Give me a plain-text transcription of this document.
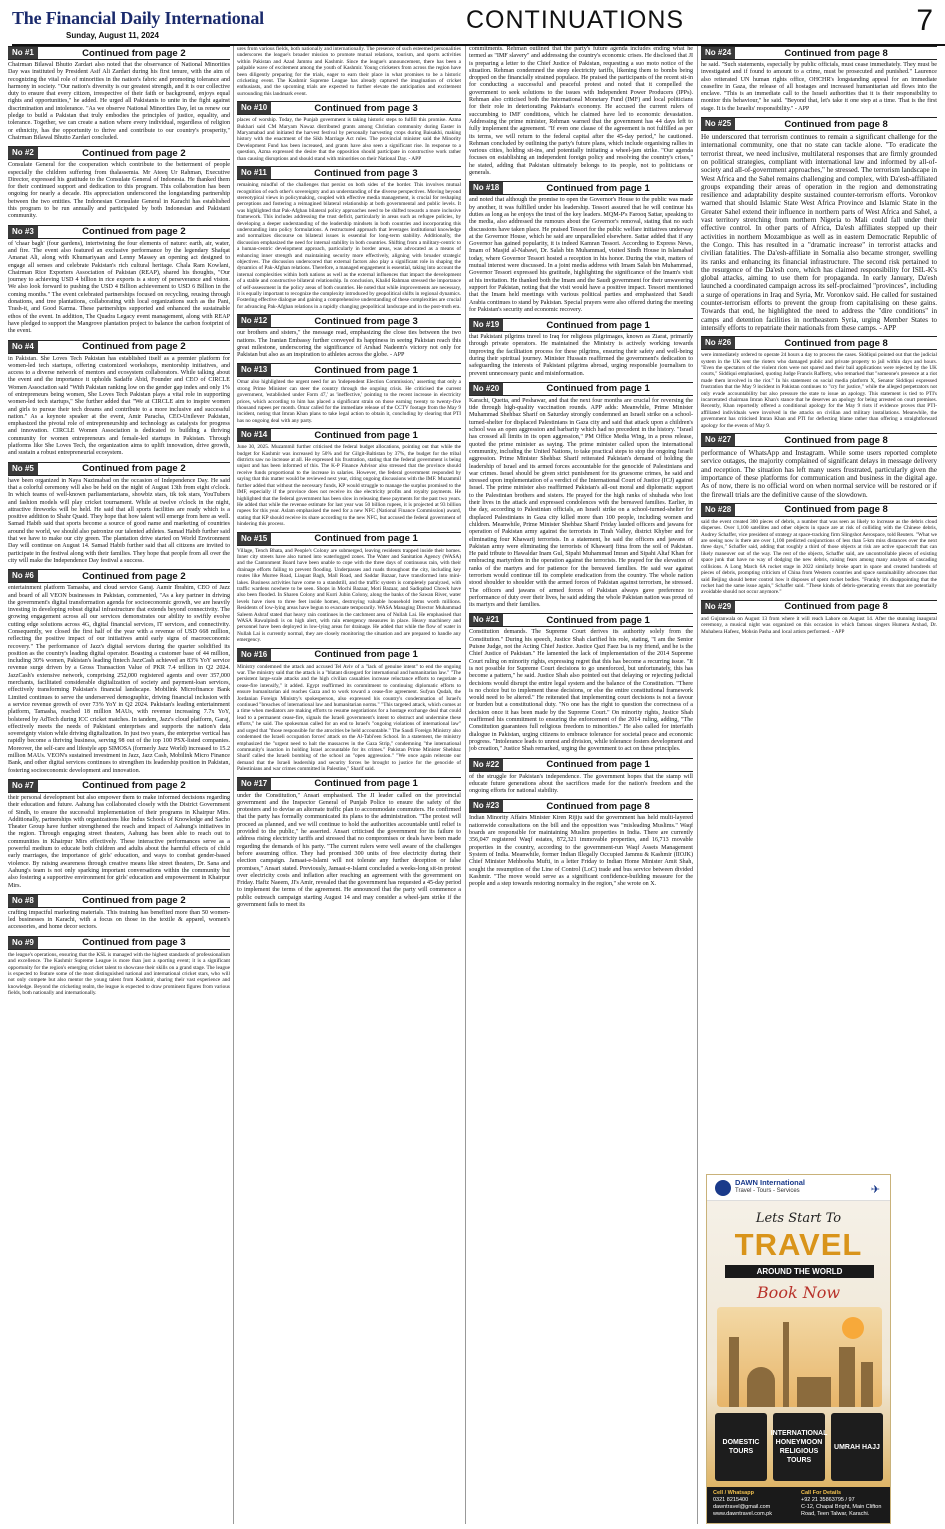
The Financial Daily International
Sunday, August 11, 2024
CONTINUATIONS	7
No #1	Continued from page 2
Chairman Bilawal Bhutto Zardari also noted that the observance of National Minorities Day was instituted by President Asif Ali Zardari during his first tenure, with the aim of recognizing the vital role of minorities in the nation's fabric and promoting tolerance and harmony in society. "Our nation's diversity is our greatest strength, and it is our collective duty to ensure that every citizen, irrespective of their faith or background, enjoys equal rights and opportunities," he added. He urged all Pakistanis to unite in the fight against discrimination and intolerance. "As we observe National Minorities Day, let us renew our pledge to build a Pakistan that truly embodies the principles of justice, equality, and tolerance. Together, we can create a nation where every individual, regardless of religion or ethnicity, has the opportunity to thrive and contribute to our country's prosperity," Chairman Bilawal Bhutto Zardari concluded.
No #2	Continued from page 2
Consulate General for the cooperation which contribute to the betterment of people especially the children suffering from thalassemia. Mr Ateeq Ur Rahman, Executive Director, expressed his gratitude to the Consulate General of Indonesia. He thanked them for their continued support and dedication to this program. This collaboration has been ongoing for nearly a decade. His appreciation underscored the longstanding partnership between the two entities. The Indonesian Consulate General in Karachi has established this program to be run annually and participated by both Indonesian and Pakistani community.
No #3	Continued from page 2
of 'chaar bagh' (four gardens), intertwining the four elements of nature: earth, air, water, and fire. The event also featured an exclusive performance by the legendary Shafqat Amanat Ali, along with Khumariyaan and Lenny Massey an opening act designed to engage all senses and celebrate Pakistan's rich cultural heritage. Chala Ram Kowlani, Chairman Rice Exporters Association of Pakistan (REAP), shared his thoughts, "Our journey to achieving USD 4 billion in rice exports is a story of perseverance and vision. We also look forward to pushing the USD 4 Billion achievement to USD 6 Billion in the coming months." The event celebrated partnerships focused on recycling, reusing through donations, and tree plantations, collaborating with local organizations such as the Pani, Trash-it, and Good Karma. These partnerships supported and enhanced the sustainable ethos of the event. In addition, The Quadra Legacy event management, along with REAP have pledged to support the Mangrove plantation project to balance the carbon footprint of the event.
No #4	Continued from page 2
in Pakistan. She Loves Tech Pakistan has established itself as a premier platform for women-led tech startups, offering customized workshops, mentorship initiatives, and access to a diverse network of mentors and ecosystem collaborators. While talking about the event and the importance it upholds Sadaffe Abid, Founder and CEO of CIRCLE Women Association said "With Pakistan ranking low on the gender gap index and only 1% of entrepreneurs being women, She Loves Tech Pakistan plays a vital role in supporting women-led tech startups," She further added that "We at CIRCLE aim to inspire women and girls to pursue their tech dreams and contribute to a more inclusive and successful nation." As a keynote speaker at the event, Amir Paracha, CEO-Unilever Pakistan, emphasized the pivotal role of entrepreneurship and technology as catalysts for progress and innovation. CIRCLE Women Association is dedicated to building a thriving community for women entrepreneurs and female-led startups in Pakistan. Through platforms like She Loves Tech, the organization aims to uplift innovation, drive growth, and sustain a robust entrepreneurial ecosystem.
No #5	Continued from page 2
have been organized in Naya Nazimabad on the occasion of Independence Day. He said that a colorful ceremony will also be held on the night of August 13th from eight o'clock. In which teams of well-known parliamentarians, showbiz stars, tik tok stars, YouTubers and fashion models will play cricket tournament. While at twelve o'clock in the night, attractive fireworks will be held. He said that all sports facilities are ready which is a positive addition to Shahr Quaid. They hope that how talent will emerge from here as well. Samad Habib said that sports become a source of good name and marketing of countries around the world, we should also patronize our talented athletes. Samad Habib further said that we have to make our city green. The plantation drive started on World Environment Day will continue on August 14. Samad Habib further said that all citizens are invited to participate in the festival along with their families. They hope that people from all over the city will make the Independence Day festival a success.
No #6	Continued from page 2
entertainment platform Tamasha, and cloud service Garaj. Aamir Ibrahim, CEO of Jazz and board of all VEON businesses in Pakistan, commented, "As a key partner in driving the government's digital transformation agenda for socioeconomic growth, we are heavily investing in developing robust digital infrastructure that extends beyond connectivity. The growing engagement across all our services demonstrates our ability to swiftly evolve cutting edge solutions across 4G, digital financial services, IT services, and connectivity. Consequently, we closed the first half of the year with a revenue of USD 668 million, reflecting the positive impact of our initiatives amid early signs of macroeconomic recovery." The performance of Jazz's digital services during the quarter solidified its position as the country's leading digital operator. Boasting a customer base of 44 million, including 30% women, Pakistan's leading fintech JazzCash achieved an 83% YoY service revenue surge driven by a Gross Transaction Value of PKR 7.4 trillion in Q2 2024. JazzCash's extensive network, comprising 252,000 registered agents and over 357,000 merchants, facilitated considerable digitalization of society and payment-loan services, effectively transforming Pakistan's financial landscape. Mobilink Microfinance Bank Limited continues to serve the underserved demographic, driving financial inclusion with a service revenue growth of over 73% YoY in Q2 2024. Pakistan's leading entertainment platform, Tamasha, reached 18 million MAUs, with revenue increasing 7.7x YoY, bolstered by AdTech during ICC cricket matches. In tandem, Jazz's cloud platform, Garaj, effectively meets the needs of Pakistani enterprises and supports the nation's data sovereignty vision while driving digitalization. In just two years, the enterprise vertical has rapidly become a thriving business, serving 98 out of the top 100 PSX-listed companies. Moreover, the self-care and lifestyle app SIMOSA (formerly Jazz World) increased to 15.2 million MAUs. VEON's sustained investment in Jazz, Jazz Cash, Mobilink Micro Finance Bank, and other digital services continues to strengthen its leadership position in Pakistan, fostering socioeconomic development and innovation.
No #7	Continued from page 2
their personal development but also empower them to make informed decisions regarding their education and future. Aahung has collaborated closely with the District Government of Sindh, to ensure the successful implementation of their programs in Khairpur Mirs. Additionally, partnerships with organizations like Indus Schools of Knowledge and Sacho Theater Group have further strengthened the reach and impact of Aahung's initiatives in the region. Through engaging street theaters, Aahung has been able to reach out to communities in Khairpur Mirs effectively. These interactive performances serve as a powerful medium to educate both children and adults about the harmful effects of child early marriages, the importance of girls' education, and ways to combat gender-based violence. By raising awareness through creative means like street theaters, Dr. Sana and Aahung's team is not only sparking important conversations within the community but also fostering a supportive environment for girls' education and empowerment in Khairpur Mirs.
No #8	Continued from page 2
crafting impactful marketing materials. This training has benefited more than 50 women-led businesses in Karachi, with a focus on those in the textile & apparel, women's accessories, and home decor sectors.
No #9	Continued from page 3
the league's operations, ensuring that the KSL is managed with the highest standards of professionalism and excellence. The Kashmir Supreme League is more than just a sporting event; it is a significant opportunity for the region's emerging cricket talent to showcase their skills on a grand stage. The league is expected to feature some of the most distinguished national and international cricket stars, who will not only compete but also mentor the young talent from Kashmir, sharing their vast experience and knowledge. Beyond the cricketing realm, the league is expected to draw prominent figures from various fields, both nationally and internationally.
ures from various fields, both nationally and internationally. The presence of such esteemed personalities underscores the league's broader mission to promote mutual relations, tourism, and sports activities within Pakistan and Azad Jammu and Kashmir. Since the league's announcement, there has been a palpable wave of excitement among the youth of Kashmir. Young cricketers from across the region have been diligently preparing for the trials, eager to earn their place in what promises to be a historic cricketing event. The Kashmir Supreme League has already captured the imagination of cricket enthusiasts, and the upcoming trials are expected to further elevate the anticipation and excitement surrounding this landmark event.
No #10	Continued from page 3
places of worship. Today, the Punjab government is taking historic steps to fulfill this promise. Azma Bukhari said CM Maryam Nawaz distributed grants among Christian community during Easter in Maryamabad and initiated the harvest festival by personally harvesting crops during Baisakhi, making history with the enactment of the Sikh Marriage Act rules. The provincial minister said the Minority Development Fund has been increased, and grants have also seen a significant rise. In response to a question, Azma expressed the desire that the opposition should participate in constructive work rather than causing disruptions and should stand with minorities on their National Day. - APP
No #11	Continued from page 3
remaining mindful of the challenges that persist on both sides of the border. This involves mutual recognition of each other's sovereignty and an understanding of the diverse perspectives. Moving beyond stereotypical views in policymaking, coupled with effective media management, is crucial for reshaping perceptions and fostering a reimagined bilateral relationship at both governmental and public levels. It was highlighted that Pak-Afghan bilateral policy approaches need to be shifted towards a more inclusive framework. This includes addressing the trust deficit, particularly in areas such as refugee policies, by developing a deeper understanding of the leadership mindsets in both countries and incorporating this understanding into policy formulations. A restructured approach that leverages institutional knowledge and normalizes discourse on bilateral issues is essential for long-term stability. Additionally, the discussion emphasized the need for internal stability in both countries. Shifting from a military-centric to a human-centric development approach, particularly in border areas, was advocated as a means of enhancing inner strength and maintaining security more effectively, aligning with broader strategic objectives. The discussion underscored that external factors also play a significant role in shaping the dynamics of Pak-Afghan relations. Therefore, a managed engagement is essential, taking into account the internal complexities within both nations as well as the external influences that impact the development of a stable and constructive bilateral relationship. In conclusion, Khalid Rahman stressed the importance of self-assessment in the policy areas of both countries. He noted that while improvements are necessary, it is equally important to recognize the complexity introduced by geopolitical shifts in regional dynamics. Fostering effective dialogue and gaining a comprehensive understanding of these complexities are crucial for advancing Pak-Afghan relations in a rapidly changing geopolitical landscape and in the post-truth era.
No #12	Continued from page 3
our brothers and sisters," the message read, emphasizing the close ties between the two nations. The Iranian Embassy further conveyed its happiness in seeing Pakistan reach this great milestone, underscoring the significance of Arshad Nadeem's victory not only for Pakistan but also as an inspiration to athletes across the globe. - APP
No #13	Continued from page 1
Omar also highlighted the urgent need for an 'independent Election Commission,' asserting that only a strong Prime Minister can steer the country through the ongoing crisis. He criticised the current government, 'established under Form 47,' as 'ineffective,' pointing to the recent increase in electricity prices, which according to him has placed a significant strain on those earning twenty to twenty-five thousand rupees per month. Omar called for the immediate release of the CCTV footage from the May 9 incident, noting that Imran Khan plans to take legal action to obtain it, concluding by clearing that PTI has no ongoing deal with any party.
No #14	Continued from page 1
June 30, 2025. Muzammil further criticised the federal budget allocations, pointing out that while the budget for Kashmir was increased by 50% and for Gilgit-Baltistan by 37%, the budget for the tribal districts saw no increase at all. He expressed his frustration, stating that the federal government is being unjust and has been informed of this. The K-P Finance Advisor also stressed that the province should receive funds proportional to the increase in salaries. However, the federal government responded by saying that this matter would be reviewed next year, citing ongoing discussions with the IMF. Muzammil further added that without the necessary funds, KP would struggle to manage the surplus promised to the IMF, especially if the province does not receive its due electricity profits and royalty payments. He highlighted that the federal government has been slow in releasing these payments for the past two years. He added that while the revenue estimate for last year was 50 billion rupees, it is projected at 93 billion rupees for this year. Aslam emphasised the need for a new NFC (National Finance Commission) award, stating that KP should receive its share according to the new NFC, but accused the federal government of hindering this process.
No #15	Continued from page 1
Village, Tench Bhata, and People's Colony are submerged, leaving residents trapped inside their homes. Inner city streets have also turned into waterlogged zones. The Water and Sanitation Agency (WASA) and the Cantonment Board have been unable to cope with the three days of continuous rain, with their drainage efforts failing to prevent flooding. Underpasses and roads throughout the city, including key routes like Murree Road, Liaquat Bagh, Mall Road, and Saddar Bazaar, have transformed into mini-lakes. Business activities have come to a standstill, and the traffic system is completely paralyzed, with traffic wardens nowhere to be seen. Shops in Mochi Bazaar, Moti Bazaar, and Sadiqabad Chowk have also been flooded. In Sharen Colony and Kurri Jubin Colony, along the banks of the Sawan River, water levels have risen to three feet inside homes, destroying valuable household items worth millions. Residents of low-lying areas have begun to evacuate temporarily. WASA Managing Director Muhammad Saleem Ashraf stated that heavy rain continues in the catchment area of Nullah Lai. He emphasised that WASA Rawalpindi is on high alert, with rain emergency measures in place. Heavy machinery and personnel have been deployed in low-lying areas for drainage. He added that while the flow of water in Nullah Lai is currently normal, they are closely monitoring the situation and are prepared to handle any emergency.
No #16	Continued from page 1
Ministry condemned the attack and accused Tel Aviv of a "lack of genuine intent" to end the ongoing war. The ministry said that the attack is a "blatant disregard for international and humanitarian law." "The persistent large-scale attacks and the high civilian casualties increase reluctance efforts to negotiate a cease-fire intensify," it added. Egypt reaffirmed its commitment to continuing diplomatic efforts to ensure humanitarian aid reaches Gaza and to work toward a cease-fire agreement. Sufyan Qudah, the Jordanian Foreign Ministry's spokesperson, also expressed his country's condemnation of Israel's continued "breaches of international law and humanitarian norms." "This targeted attack, which comes at a time when mediators are making efforts to resume negotiations for a hostage exchange deal that could lead to a permanent cease-fire, signals the Israeli government's intent to obstruct and undermine these efforts," he said. The spokesman called for an end to Israel's "ongoing violations of international law" and urged that "those responsible for the atrocities be held accountable." The Saudi Foreign Ministry also condemned the Israeli occupation forces' attack on the Al-Tabi'een School. In a statement, the ministry emphasized the "urgent need to halt the massacres in the Gaza Strip," condemning "the international community's inaction in holding Israel accountable for its crimes." Pakistan Prime Minister Shehbaz Sharif called the Israeli bombing of the school an "open aggression." "We once again reiterate our demand that the Israeli leadership and security forces be brought to justice for the genocide of Palestinians and war crimes committed in Palestine," Sharif said.
No #17	Continued from page 1
under the Constitution," Ansari emphasised. The JI leader called on the provincial government and the Inspector General of Punjab Police to ensure the safety of the protesters and to devise an alternate traffic plan to accommodate commuters. He confirmed that the party has formally communicated its plans to the administration. "The protest will proceed as planned, and we will continue to hold the authorities accountable until relief is provided to the public," he asserted. Ansari criticised the government for its failure to address rising electricity tariffs and stressed that no compromises or deals have been made regarding the demands of his party. "The current rulers were well aware of the challenges before assuming office. They had promised 300 units of free electricity during their election campaign. Jamaat-e-Islami will not tolerate any further deception or false promises," Ansari stated. Previously, Jamaat-e-Islami concluded a weeks-long sit-in protest over electricity costs and inflation after reaching an agreement with the government on Friday. Hafiz Naeem, JI's Amir, revealed that the government has requested a 45-day period to implement the terms of the agreement. He announced that the party will commence a public outreach campaign starting August 14 and may consider a wheel-jam strike if the government fails to meet its
commitments. Rehman outlined that the party's future agenda includes ending what he termed as "IMF slavery" and addressing the country's economic crises. He disclosed that JI is preparing a letter to the Chief Justice of Pakistan, requesting a suo moto notice of the situation. Rehman condemned the steep electricity tariffs, likening them to bombs being dropped on the financially strained populace. He praised the participants of the recent sit-in for conducting a successful and peaceful protest and noted that it compelled the government to seek solutions to the issues with Independent Power Producers (IPPs). Rehman also criticised both the International Monetary Fund (IMF) and local politicians for their role in deteriorating Pakistan's economy. He accused the current rulers of succumbing to IMF conditions, which he claimed have led to economic devastation. Addressing the prime minister, Rehman warned that the government has 44 days left to fully implement the agreement. "If even one clause of the agreement is not fulfilled as per its terms, we will return to the federal capital after the 45-day period," he cautioned. Rehman concluded by outlining the party's future plans, which include organising rallies in various cities, holding sit-ins, and potentially initiating a wheel-jam strike. "Our agenda focuses on establishing an independent foreign policy and resolving the country's crises," he stated, adding that Pakistan ultimately belongs to its people, not to politicians or generals.
No #18	Continued from page 1
and noted that although the promise to open the Governor's House to the public was made by another, it was fulfilled under his leadership. Tessori assured that he will continue his duties as long as he enjoys the trust of the key leaders. MQM-P's Farooq Sattar, speaking to the media, also addressed the rumours about the Governor's removal, stating that no such discussions have taken place. He praised Tessori for the public welfare initiatives underway at the Governor House, which he said are unparalleled elsewhere. Sattar added that if any Governor has gained popularity, it is indeed Kamran Tessori. According to Express News, Imam of Masjid al-Nabawi, Dr. Salah bin Muhammad, visited Sindh House in Islamabad today, where Governor Tessori hosted a reception in his honor. During the visit, matters of mutual interest were discussed. In a joint media address with Imam Salah bin Muhammad, Governor Tessori expressed his gratitude, highlighting the significance of the Imam's visit at his invitation. He thanked both the Imam and the Saudi government for their unwavering support for Pakistan, noting that the visit would have a positive impact. Tessori mentioned that the Imam held meetings with various political parties and emphasized that Saudi Arabia continues to stand by Pakistan. Special prayers were also offered during the meeting for Pakistan's security and economic recovery.
No #19	Continued from page 1
that Pakistani pilgrims travel to Iraq for religious pilgrimages, known as Ziarat, primarily through private operators. He maintained the Ministry is actively working towards improving the facilitation process for these pilgrims, ensuring their safety and well-being during their spiritual journey. Minister Hussain reaffirmed the government's dedication to safeguarding the interests of Pakistani pilgrims abroad, urging responsible journalism to prevent unnecessary panic and misinformation.
No #20	Continued from page 1
Karachi, Quetta, and Peshawar, and that the next four months are crucial for reversing the tide through high-quality vaccination rounds. APP adds: Meanwhile, Prime Minister Muhammad Shehbaz Sharif on Saturday strongly condemned an Israeli strike on a school-turned-shelter for displaced Palestinians in Gaza city and said that attack upon a children's school was an open aggression and barbarity which had no precedent in the history. "Israel has crossed all limits in its open aggression," PM Office Media Wing, in a press release, quoted the prime minister as saying. The prime minister called upon the international community, including the United Nations, to take practical steps to stop the ongoing Israeli aggression. Prime Minister Shehbaz Sharif reiterated Pakistan's demand of holding the leadership of Israel and its armed forces accountable for the genocide of Palestinians and war crimes. Israel should be given strict punishment for its gruesome crimes, he said and stressed upon implementation of a verdict of the International Court of Justice (ICJ) against Israel. The prime minister also reaffirmed Pakistan's all-out moral and diplomatic support to the Palestinian brothers and sisters. He prayed for the high ranks of shuhada who lost their lives in the attack and expressed condolences with the bereaved families. Earlier, in the day, according to Palestinian officials, an Israeli strike on a school-turned-shelter for displaced Palestinians in Gaza city killed more than 100 people, including women and children. Meanwhile, Prime Minister Shehbaz Sharif Friday lauded officers and jawans for operation of Pakistan army against the terrorists in Tirah Valley, district Khyber and for eliminating four Khawarij terrorists. In a statement, he said the officers and jawans of Pakistan army were eliminating the terrorists of Khawarij fitna from the soil of Pakistan. He paid tribute to Hawaldar Inam Gul, Sipahi Muhammad Imran and Sipahi Altaf Khan for embracing martyrdom in the operation against the terrorists. He prayed for the elevation of ranks of the martyrs and for patience for the bereaved families. He said war against terrorism would continue till its complete eradication from the country. The whole nation stood shoulder to shoulder with the armed forces of Pakistan against terrorism, he stressed. The officers and jawans of armed forces of Pakistan always gave preference to performance of duty over their lives, he said adding the whole Pakistan nation was proud of its martyrs and their families.
No #21	Continued from page 1
Constitution demands. The Supreme Court derives its authority solely from the Constitution." During his speech, Justice Shah clarified his role, stating, "I am the Senior Puisne Judge, not the Acting Chief Justice. Justice Qazi Faez Isa is my friend, and he is the Chief Justice of Pakistan." He lamented the lack of implementation of the 2014 Supreme Court ruling on minority rights, expressing regret that this has become a recurring issue. "It is not possible for Supreme Court decisions to go unenforced, but unfortunately, this has become a pattern," he said. Justice Shah also pointed out that delaying or rejecting judicial decisions would disrupt the entire legal system and the balance of the Constitution. "There is no choice but to implement these decisions, or else the entire constitutional framework would need to be altered." He reiterated that implementing court decisions is not a favour or burden but a constitutional duty. "No one has the right to question the correctness of a decision once it has been made by the Supreme Court." On minority rights, Justice Shah reaffirmed his commitment to ensuring the enforcement of the 2014 ruling, adding, "The Constitution guarantees full religious freedom to minorities." He also called for interfaith dialogue in Pakistan, urging citizens to embrace tolerance for societal peace and economic progress. "Intolerance leads to unrest and division, while tolerance fosters development and job creation," Justice Shah remarked, urging the government to act on these principles.
No #22	Continued from page 1
of the struggle for Pakistan's independence. The government hopes that the stamp will educate future generations about the sacrifices made for the nation's freedom and the ongoing efforts for national stability.
No #23	Continued from page 8
Indian Minority Affairs Minister Kiren Rijiju said the government has held multi-layered nationwide consultations on the bill and the opposition was "misleading Muslims." Waqf boards are responsible for maintaining Muslim properties in India. There are currently 356,047 registered Waqf estates, 872,321 immovable properties, and 16,713 movable properties in the country, according to the government-run Waqf Assets Management System of India. Meanwhile, former Indian Illegally Occupied Jammu & Kashmir (IIOJK) Chief Minister Mehbooba Mufti, in a letter Friday to Indian Home Minister Amit Shah, sought the resumption of the Line of Control (LoC) trade and bus service between divided Kashmir. "The move would serve as a significant confidence-building measure for the people and a step towards restoring normalcy in the region," she wrote on X.
No #24	Continued from page 8
he said. "Such statements, especially by public officials, must cease immediately. They must be investigated and if found to amount to a crime, must be prosecuted and punished." Laurence also reiterated UN human rights office, OHCHR's longstanding appeal for an immediate ceasefire in Gaza, the release of all hostages and increased humanitarian aid flows into the enclave. "This is an immediate call to the Israeli authorities that it is their responsibility to monitor this behaviour," he said. "Beyond that, let's take it one step at a time. That is the first stage. It is the Israelis' responsibility." - APP
No #25	Continued from page 8
He underscored that terrorism continues to remain a significant challenge for the international community, one that no state can tackle alone. "To eradicate the terrorist threat, we need inclusive, multilateral responses that are firmly grounded on political strategies, compliant with international law and informed by all-of-society and all-of-government approaches," he stressed. The terrorism landscape in West Africa and the Sahel remains challenging and complex, with Da'esh-affiliated groups expanding their areas of operation in the region and demonstrating resilience and adaptability despite sustained counter-terrorism efforts. Voronkov warned that should Islamic State West Africa Province and Islamic State in the Greater Sahel extend their influence in northern parts of West Africa and Sahel, a vast territory stretching from northern Nigeria to Mali could fall under their effective control. In other parts of Africa, Da'esh affiliates stepped up their activities in northern Mozambique as well as in eastern Democratic Republic of the Congo. This has resulted in a "dramatic increase" in terrorist attacks and civilian fatalities. The Da'esh-affiliate in Somalia also became stronger, swelling its ranks and enhancing its financial infrastructure. The second risk pertained to the resurgence of the Da'esh core, which has claimed responsibility for ISIL-K's global attacks, aiming to use them for propaganda. In early January, Da'esh launched a coordinated campaign across its self-proclaimed "provinces", including a surge of operations in Iraq and Syria, Mr. Voronkov said. He called for sustained counter-terrorism efforts to prevent the group from capitalising on these gains. Towards that end, he highlighted the need to address the "dire conditions" in camps and detention facilities in northeastern Syria, urging Member States to intensify efforts to repatriate their nationals from these camps. - APP
No #26	Continued from page 8
were immediately ordered to operate 24 hours a day to process the cases. Siddiqui pointed out that the judicial system in the UK sent the rioters who damaged public and private property to jail within days and hours. "Even the spectators of the violent riots were not spared and their bail applications were rejected by the UK courts," Siddiqui emphasised, quoting Judge Francis Rafferty, who remarked that "someone's presence at a riot made them involved in the riot." In his statement on social media platform X, Senator Siddiqui expressed frustration that the May 9 incident in Pakistan continues to "cry for justice," while the alleged perpetrators not only evade accountability but also pressure the state to issue an apology. This statement is tied to PTI's incarcerated chairman Imran Khan's stance that he deserves an apology for being arrested on court premises. Recently, Khan reportedly offered a conditional apology for the May 9 riots if evidence proves that PTI-affiliated individuals were involved in the attacks on civilian and military installations. Meanwhile, the government has criticised Imran Khan and PTI for deflecting blame rather than offering a straightforward apology for the events of May 9.
No #27	Continued from page 8
performance of WhatsApp and Instagram. While some users reported complete service outages, the majority complained of significant delays in message delivery and reception. The situation has left many users frustrated, particularly given the importance of these platforms for communication and business in the digital age. As of now, there is no official word on when normal service will be restored or if the firewall trials are the definitive cause of the slowdown.
No #28	Continued from page 8
said the event created 300 pieces of debris, a number that was seen as likely to increase as the debris cloud disperses. Over 1,100 satellites and other objects in space are at risk of colliding with the Chinese debris, Audrey Schaffer, vice president of strategy at space-tracking firm Slingshot Aerospace, told Reuters. "What we are seeing now is there are over 1,100 predicted conjunctions of less than 5-km miss distances over the next three days," Schaffer said, adding that roughly a third of those objects at risk are active spacecraft that can likely maneuver out of the way. The rest of the objects, Schaffer said, are uncontrollable pieces of existing space junk that have no way of dodging the new debris, raising fears among many analysts of cascading collisions. A Long March 6A rocket stage in 2022 similarly broke apart in space and created hundreds of pieces of debris, prompting criticism of China from Western countries and space sustainability advocates that said Beijing should better control how it disposes of spent rocket bodies. "Frankly it's disappointing that the rocket had the same issue again," Schaffer said. "These kinds of debris-generating events that are potentially avoidable should not occur anymore."
No #29	Continued from page 8
and Gujranwala on August 13 from where it will reach Lahore on August 14. After the stunning inaugural ceremony, a musical night was organized on this occasion in which famous singers Humera Arshad, Dr. Muhabera Hafeez, Mohsin Pasha and local artists performed. - APP
DAWN International
Travel - Tours - Services	✈
Lets Start To
TRAVEL
AROUND THE WORLD
Book Now
DOMESTIC TOURS
INTERNATIONAL HONEYMOON RELIGIOUS TOURS
UMRAH HAJJ
Cell / Whatsapp
0321 8215400
dawntravel@gmail.com
www.dawntravel.com.pk
Call For Details
+92 21 35863795 / 97
C-12, Chapal Bright, Main Clifton Road, Teen Talwar, Karachi.
